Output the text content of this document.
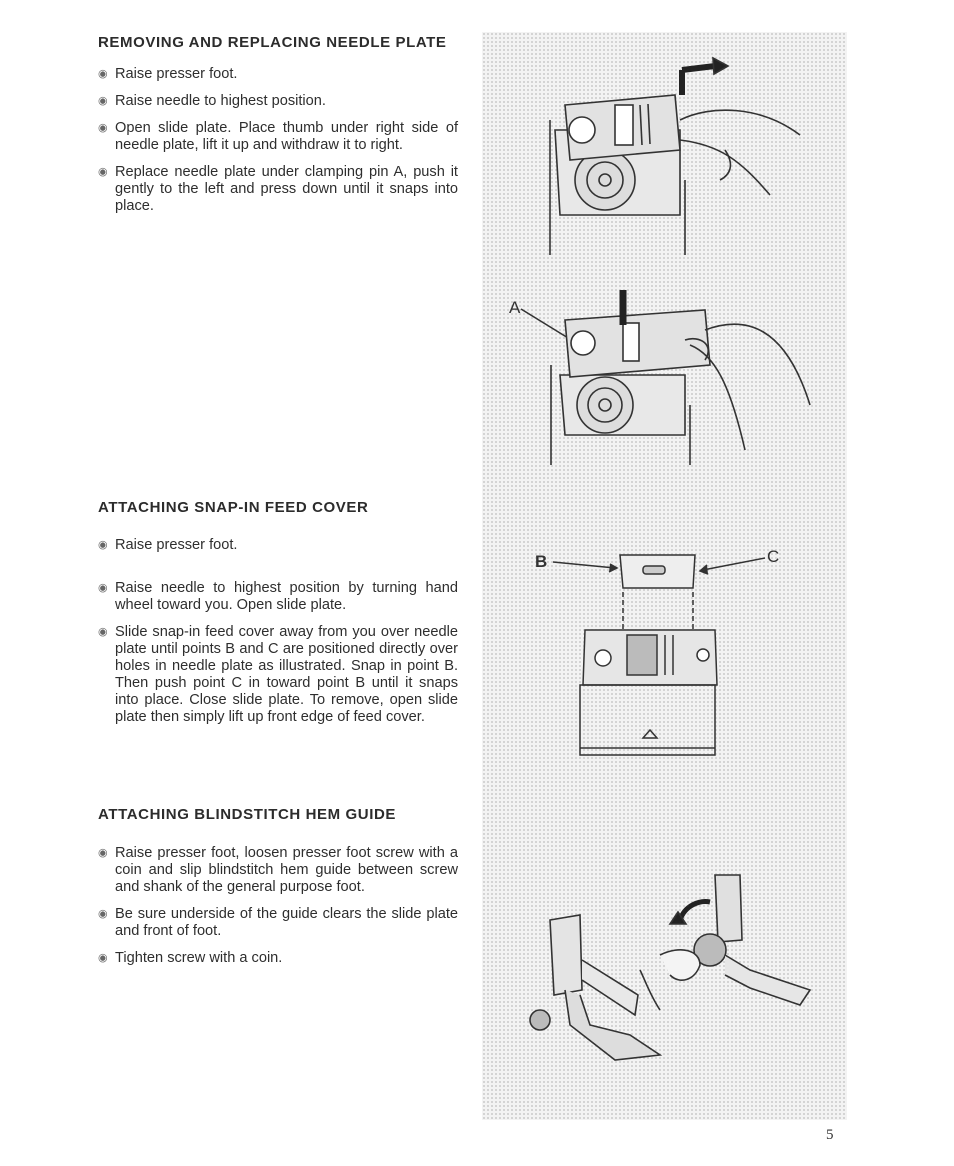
REMOVING AND REPLACING NEEDLE PLATE
◉ Raise presser foot.
◉ Raise needle to highest position.
◉ Open slide plate. Place thumb under right side of needle plate, lift it up and withdraw it to right.
◉ Replace needle plate under clamping pin A, push it gently to the left and press down until it snaps into place.
ATTACHING SNAP-IN FEED COVER
◉ Raise presser foot.
◉ Raise needle to highest position by turning hand wheel toward you. Open slide plate.
◉ Slide snap-in feed cover away from you over needle plate until points B and C are positioned directly over holes in needle plate as illustrated. Snap in point B. Then push point C in toward point B until it snaps into place. Close slide plate. To remove, open slide plate then simply lift up front edge of feed cover.
ATTACHING BLINDSTITCH HEM GUIDE
◉ Raise presser foot, loosen presser foot screw with a coin and slip blindstitch hem guide between screw and shank of the general purpose foot.
◉ Be sure underside of the guide clears the slide plate and front of foot.
◉ Tighten screw with a coin.
A
B	C
5
